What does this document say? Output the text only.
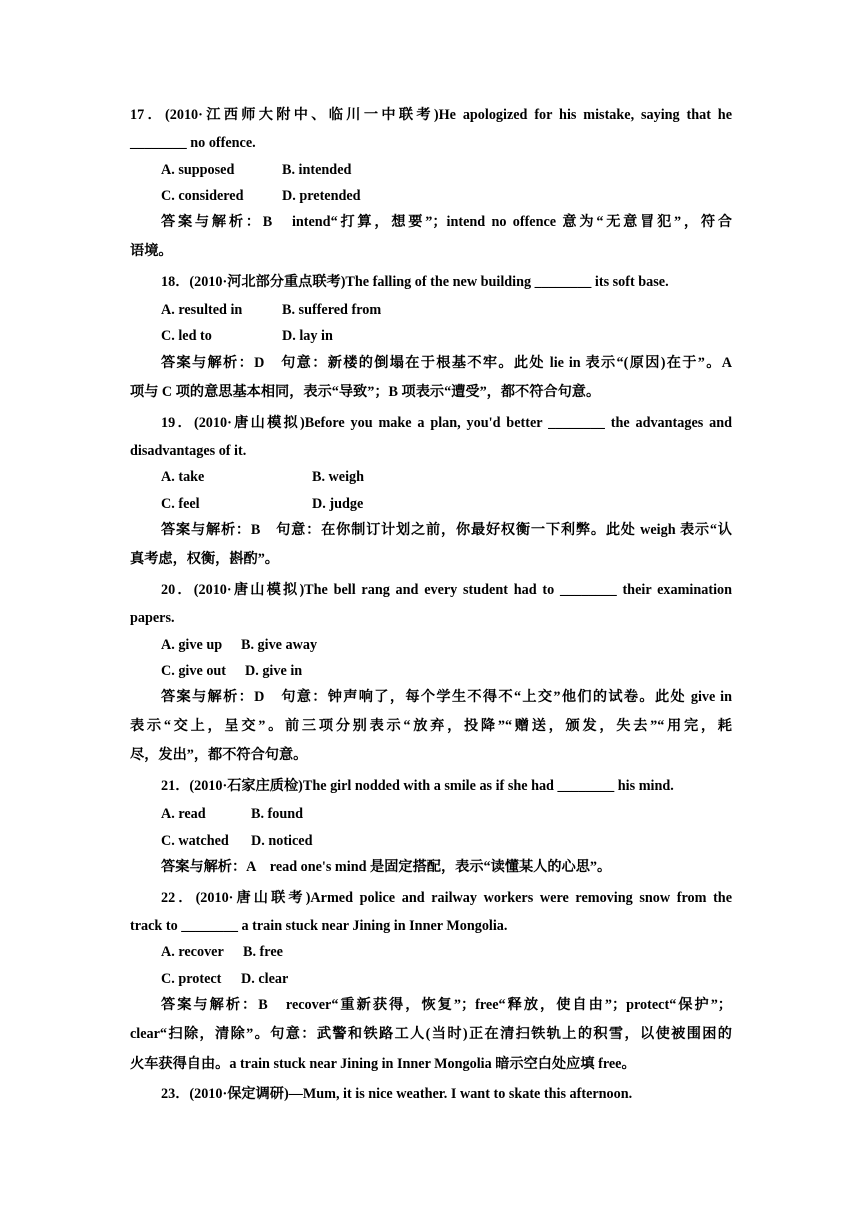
17．(2010·江西师大附中、临川一中联考)He apologized for his mistake, saying that he
________ no offence.
A. supposed	B. intended
C. considered	D. pretended
答案与解析：B　intend“打算，想要”；intend no offence 意为“无意冒犯”，符合
语境。
18．(2010·河北部分重点联考)The falling of the new building ________ its soft base.
A. resulted in	B. suffered from
C. led to	D. lay in
答案与解析：D　句意：新楼的倒塌在于根基不牢。此处 lie in 表示“(原因)在于”。A
项与 C 项的意思基本相同，表示“导致”；B 项表示“遭受”，都不符合句意。
19．(2010·唐山模拟)Before you make a plan, you'd better ________ the advantages and
disadvantages of it.
A. take	B. weigh
C. feel	D. judge
答案与解析：B　句意：在你制订计划之前，你最好权衡一下利弊。此处 weigh 表示“认
真考虑，权衡，斟酌”。
20．(2010·唐山模拟)The bell rang and every student had to ________ their examination
papers.
A. give up B. give away
C. give out D. give in
答案与解析：D　句意：钟声响了，每个学生不得不“上交”他们的试卷。此处 give in
表示“交上，呈交”。前三项分别表示“放弃，投降”“赠送，颁发，失去”“用完，耗
尽，发出”，都不符合句意。
21．(2010·石家庄质检)The girl nodded with a smile as if she had ________ his mind.
A. read	B. found
C. watched D. noticed
答案与解析：A　read one's mind 是固定搭配，表示“读懂某人的心思”。
22．(2010·唐山联考)Armed police and railway workers were removing snow from the
track to ________ a train stuck near Jining in Inner Mongolia.
A. recover B. free
C. protect D. clear
答案与解析：B　recover“重新获得，恢复”；free“释放，使自由”；protect“保护”；
clear“扫除，清除”。句意：武警和铁路工人(当时)正在清扫铁轨上的积雪，以使被围困的
火车获得自由。a train stuck near Jining in Inner Mongolia 暗示空白处应填 free。
23．(2010·保定调研)—Mum, it is nice weather. I want to skate this afternoon.
